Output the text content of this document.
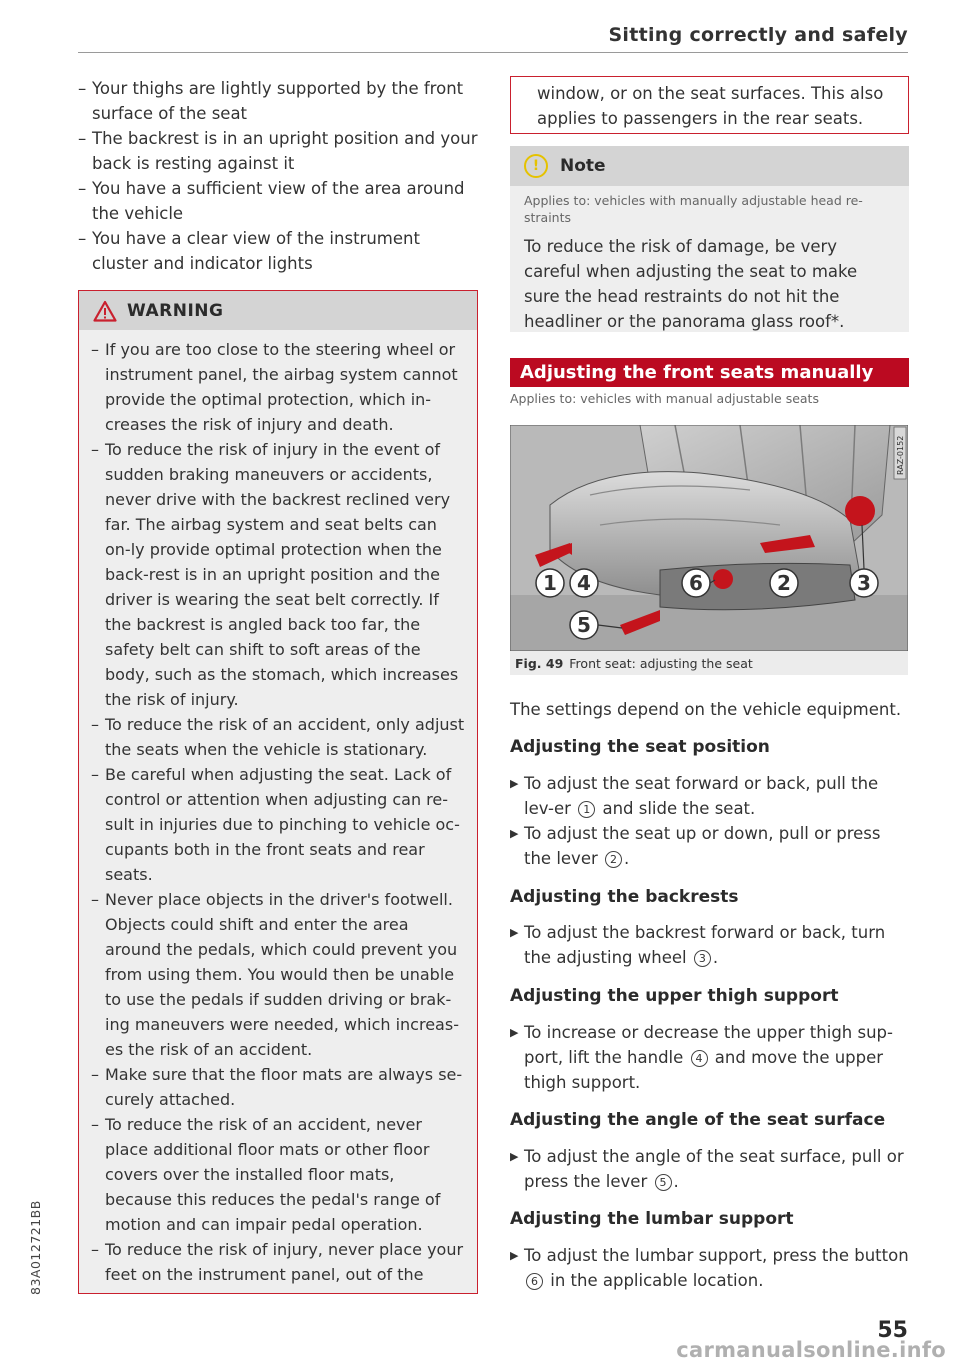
Sitting correctly and safely
– Your thighs are lightly supported by the front surface of the seat
– The backrest is in an upright position and your back is resting against it
– You have a sufficient view of the area around the vehicle
– You have a clear view of the instrument cluster and indicator lights
WARNING
– If you are too close to the steering wheel or instrument panel, the airbag system cannot provide the optimal protection, which in-creases the risk of injury and death.
– To reduce the risk of injury in the event of sudden braking maneuvers or accidents, never drive with the backrest reclined very far. The airbag system and seat belts can on-ly provide optimal protection when the back-rest is in an upright position and the driver is wearing the seat belt correctly. If the backrest is angled back too far, the safety belt can shift to soft areas of the body, such as the stomach, which increases the risk of injury.
– To reduce the risk of an accident, only adjust the seats when the vehicle is stationary.
– Be careful when adjusting the seat. Lack of control or attention when adjusting can re-sult in injuries due to pinching to vehicle oc-cupants both in the front seats and rear seats.
– Never place objects in the driver's footwell. Objects could shift and enter the area around the pedals, which could prevent you from using them. You would then be unable to use the pedals if sudden driving or brak-ing maneuvers were needed, which increas-es the risk of an accident.
– Make sure that the floor mats are always se-curely attached.
– To reduce the risk of an accident, never place additional floor mats or other floor covers over the installed floor mats, because this reduces the pedal's range of motion and can impair pedal operation.
– To reduce the risk of injury, never place your feet on the instrument panel, out of the
window, or on the seat surfaces. This also applies to passengers in the rear seats.
!	Note
Applies to: vehicles with manually adjustable head re-straints
To reduce the risk of damage, be very careful when adjusting the seat to make sure the head restraints do not hit the headliner or the panorama glass roof*.
Adjusting the front seats manually
Applies to: vehicles with manual adjustable seats
1 4	6	2	3
5
RAZ-0152
Fig. 49 Front seat: adjusting the seat
The settings depend on the vehicle equipment.
Adjusting the seat position
▶ To adjust the seat forward or back, pull the lev-er 1 and slide the seat.
▶ To adjust the seat up or down, pull or press the lever 2 .
Adjusting the backrests
▶ To adjust the backrest forward or back, turn the adjusting wheel 3 .
Adjusting the upper thigh support
▶ To increase or decrease the upper thigh sup-port, lift the handle 4 and move the upper thigh support.
Adjusting the angle of the seat surface
▶ To adjust the angle of the seat surface, pull or press the lever 5 .
Adjusting the lumbar support
▶ To adjust the lumbar support, press the button 6 in the applicable location.
55
83A012721BB
carmanualsonline.info
